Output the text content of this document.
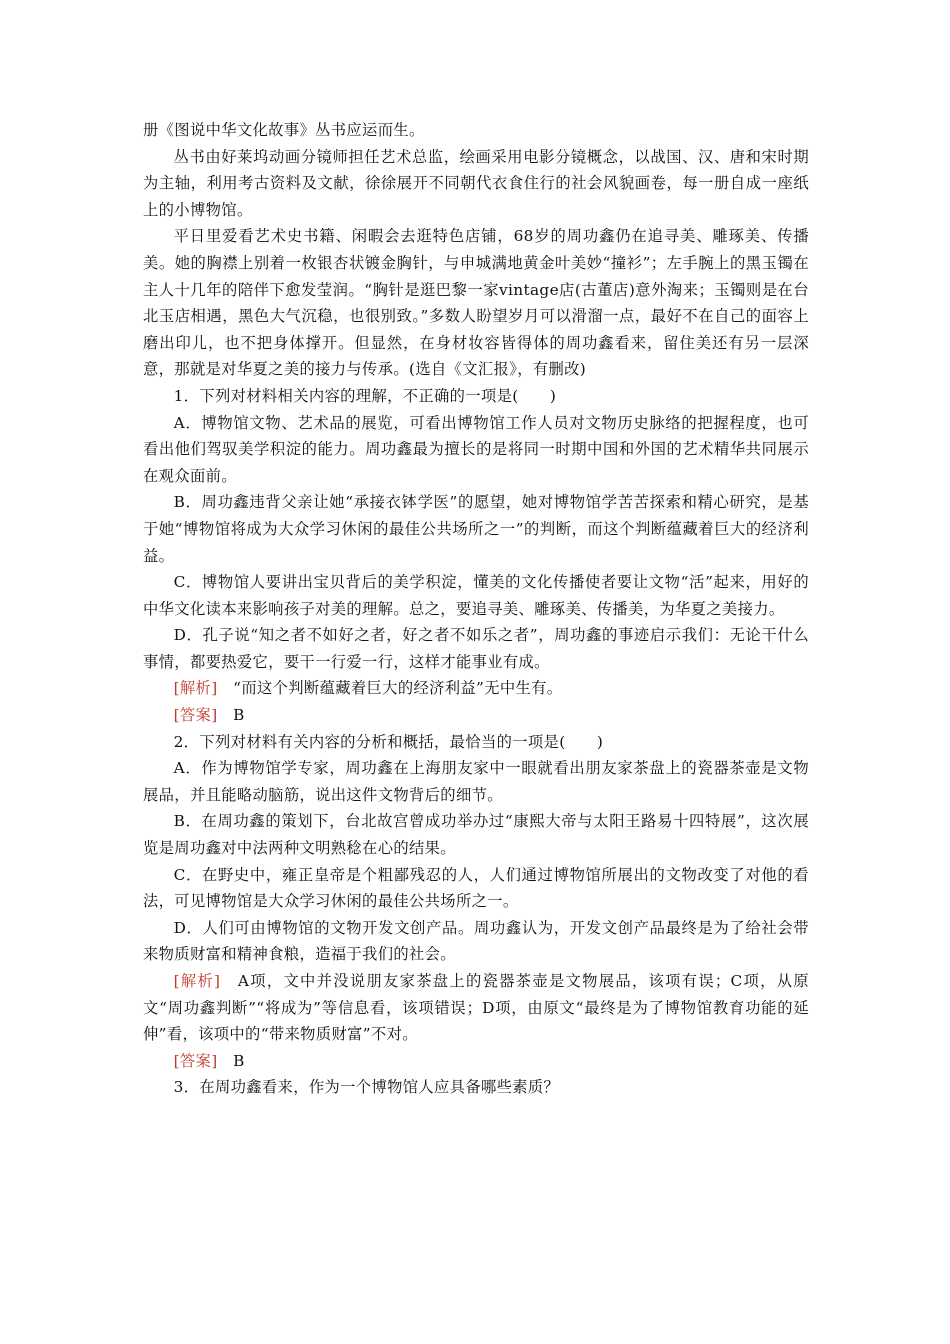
册《图说中华文化故事》丛书应运而生。

丛书由好莱坞动画分镜师担任艺术总监，绘画采用电影分镜概念，以战国、汉、唐和宋时期为主轴，利用考古资料及文献，徐徐展开不同朝代衣食住行的社会风貌画卷，每一册自成一座纸上的小博物馆。

平日里爱看艺术史书籍、闲暇会去逛特色店铺，68岁的周功鑫仍在追寻美、雕琢美、传播美。她的胸襟上别着一枚银杏状镀金胸针，与申城满地黄金叶美妙“撞衫”；左手腕上的黑玉镯在主人十几年的陪伴下愈发莹润。“胸针是逛巴黎一家vintage店(古董店)意外淘来；玉镯则是在台北玉店相遇，黑色大气沉稳，也很别致。”多数人盼望岁月可以滑溜一点，最好不在自己的面容上磨出印儿，也不把身体撑开。但显然，在身材妆容皆得体的周功鑫看来，留住美还有另一层深意，那就是对华夏之美的接力与传承。(选自《文汇报》，有删改)

1．下列对材料相关内容的理解，不正确的一项是(　　)

A．博物馆文物、艺术品的展览，可看出博物馆工作人员对文物历史脉络的把握程度，也可看出他们驾驭美学积淀的能力。周功鑫最为擅长的是将同一时期中国和外国的艺术精华共同展示在观众面前。

B．周功鑫违背父亲让她“承接衣钵学医”的愿望，她对博物馆学苦苦探索和精心研究，是基于她“博物馆将成为大众学习休闲的最佳公共场所之一”的判断，而这个判断蕴藏着巨大的经济利益。

C．博物馆人要讲出宝贝背后的美学积淀，懂美的文化传播使者要让文物“活”起来，用好的中华文化读本来影响孩子对美的理解。总之，要追寻美、雕琢美、传播美，为华夏之美接力。

D．孔子说“知之者不如好之者，好之者不如乐之者”，周功鑫的事迹启示我们：无论干什么事情，都要热爱它，要干一行爱一行，这样才能事业有成。

[解析]　“而这个判断蕴藏着巨大的经济利益”无中生有。

[答案]　B

2．下列对材料有关内容的分析和概括，最恰当的一项是(　　)

A．作为博物馆学专家，周功鑫在上海朋友家中一眼就看出朋友家茶盘上的瓷器茶壶是文物展品，并且能略动脑筋，说出这件文物背后的细节。

B．在周功鑫的策划下，台北故宫曾成功举办过“康熙大帝与太阳王路易十四特展”，这次展览是周功鑫对中法两种文明熟稔在心的结果。

C．在野史中，雍正皇帝是个粗鄙残忍的人，人们通过博物馆所展出的文物改变了对他的看法，可见博物馆是大众学习休闲的最佳公共场所之一。

D．人们可由博物馆的文物开发文创产品。周功鑫认为，开发文创产品最终是为了给社会带来物质财富和精神食粮，造福于我们的社会。

[解析]　A项，文中并没说朋友家茶盘上的瓷器茶壶是文物展品，该项有误；C项，从原文“周功鑫判断”“将成为”等信息看，该项错误；D项，由原文“最终是为了博物馆教育功能的延伸”看，该项中的“带来物质财富”不对。

[答案]　B

3．在周功鑫看来，作为一个博物馆人应具备哪些素质？
